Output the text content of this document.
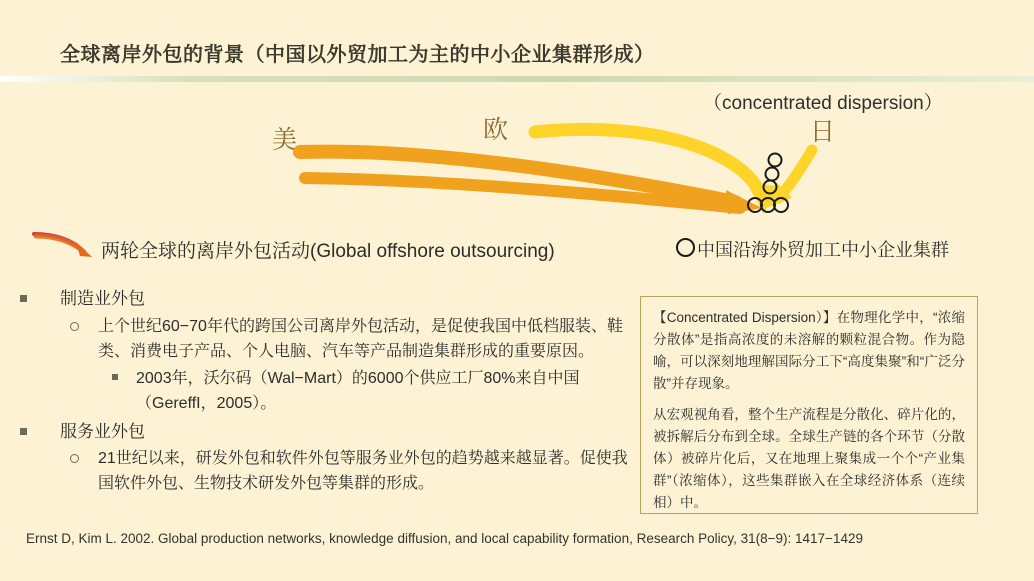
全球离岸外包的背景（中国以外贸加工为主的中小企业集群形成）
（concentrated dispersion）
美	欧	日
两轮全球的离岸外包活动(Global offshore outsourcing)	中国沿海外贸加工中小企业集群
制造业外包
上个世纪60−70年代的跨国公司离岸外包活动，是促使我国中低档服装、鞋类、消费电子产品、个人电脑、汽车等产品制造集群形成的重要原因。
2003年，沃尔码（Wal−Mart）的6000个供应工厂80%来自中国（GereffI，2005）。
服务业外包
21世纪以来，研发外包和软件外包等服务业外包的趋势越来越显著。促使我国软件外包、生物技术研发外包等集群的形成。

【Concentrated Dispersion）】在物理化学中，“浓缩分散体”是指高浓度的未溶解的颗粒混合物。作为隐喻，可以深刻地理解国际分工下“高度集聚”和“广泛分散”并存现象。

从宏观视角看，整个生产流程是分散化、碎片化的，被拆解后分布到全球。全球生产链的各个环节（分散体）被碎片化后，又在地理上聚集成一个个“产业集群”（浓缩体），这些集群嵌入在全球经济体系（连续相）中。

Ernst D, Kim L. 2002. Global production networks, knowledge diffusion, and local capability formation, Research Policy, 31(8−9): 1417−1429
